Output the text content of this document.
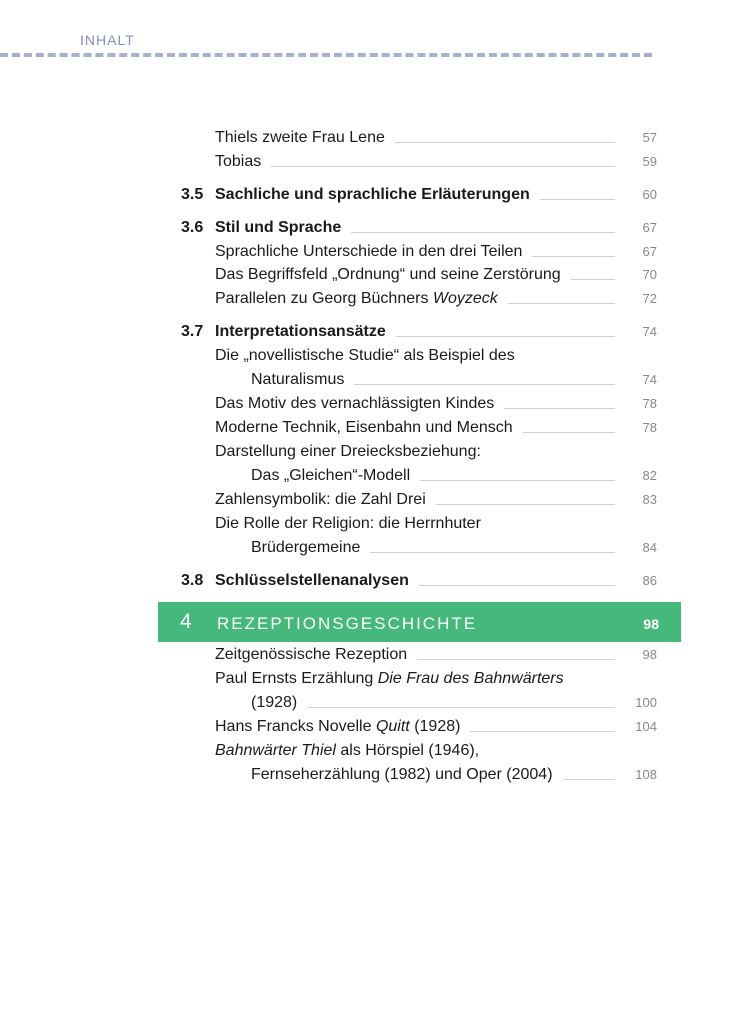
INHALT
Thiels zweite Frau Lene	57
Tobias	59
3.5 Sachliche und sprachliche Erläuterungen	60
3.6 Stil und Sprache	67
Sprachliche Unterschiede in den drei Teilen	67
Das Begriffsfeld „Ordnung“ und seine Zerstörung	70
Parallelen zu Georg Büchners Woyzeck	72
3.7 Interpretationsansätze	74
Die „novellistische Studie“ als Beispiel des
Naturalismus	74
Das Motiv des vernachlässigten Kindes	78
Moderne Technik, Eisenbahn und Mensch	78
Darstellung einer Dreiecksbeziehung:
Das „Gleichen“-Modell	82
Zahlensymbolik: die Zahl Drei	83
Die Rolle der Religion: die Herrnhuter
Brüdergemeine	84
3.8 Schlüsselstellenanalysen	86
4 REZEPTIONSGESCHICHTE	98
Zeitgenössische Rezeption	98
Paul Ernsts Erzählung Die Frau des Bahnwärters
(1928)	100
Hans Francks Novelle Quitt (1928)	104
Bahnwärter Thiel als Hörspiel (1946),
Fernseherzählung (1982) und Oper (2004)	108
